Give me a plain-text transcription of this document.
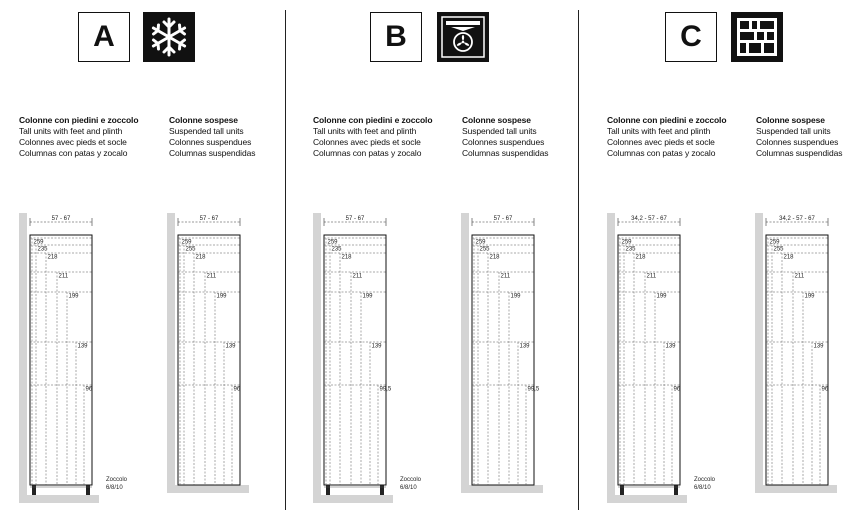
A
Colonne con piedini e zoccolo
Tall units with feet and plinth
Colonnes avec pieds et socle
Columnas con patas y zocalo
Colonne sospese
Suspended tall units
Colonnes suspendues
Columnas suspendidas
57 - 67
259
235
218
211
199
139
96
Zoccolo
6/8/10
57 - 67
259
255
218
211
199
139
96
B
Colonne con piedini e zoccolo
Tall units with feet and plinth
Colonnes avec pieds et socle
Columnas con patas y zocalo
Colonne sospese
Suspended tall units
Colonnes suspendues
Columnas suspendidas
57 - 67
259
235
218
211
199
139
99,5
Zoccolo
6/8/10
57 - 67
259
255
218
211
199
139
99,5
C
Colonne con piedini e zoccolo
Tall units with feet and plinth
Colonnes avec pieds et socle
Columnas con patas y zocalo
Colonne sospese
Suspended tall units
Colonnes suspendues
Columnas suspendidas
34,2 - 57 - 67
259
235
218
211
199
139
96
Zoccolo
6/8/10
34,2 - 57 - 67
259
255
218
211
199
139
96
